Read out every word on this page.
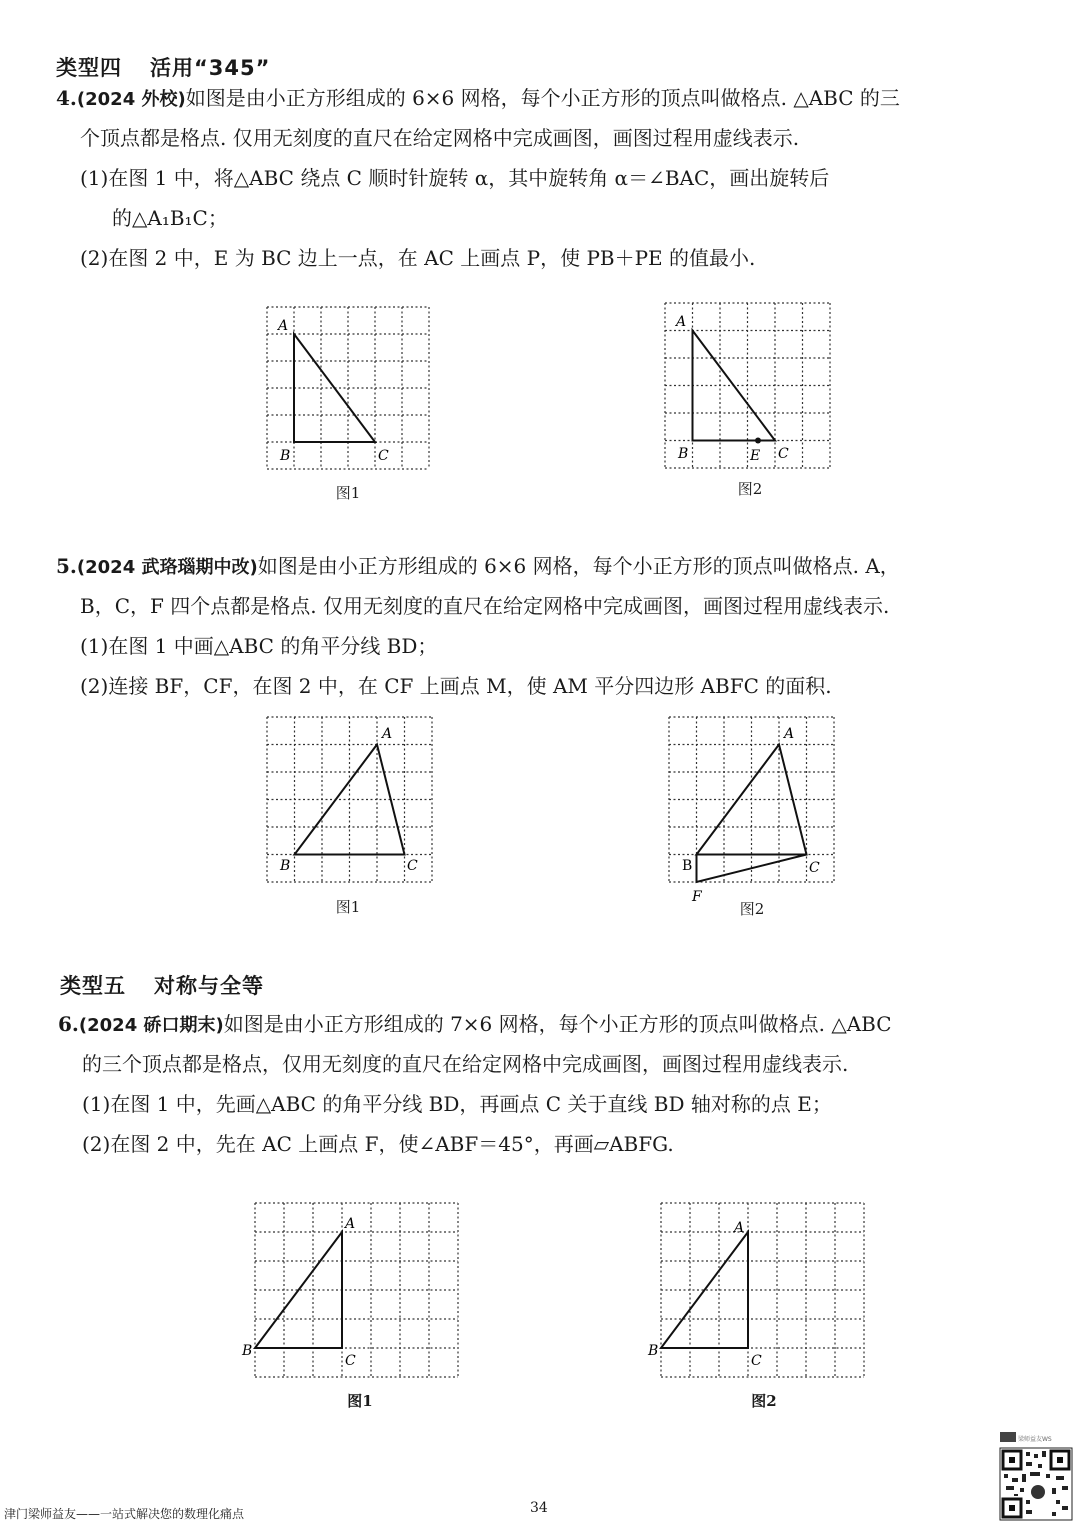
类型四 活用“345”
4.(2024 外校)如图是由小正方形组成的 6×6 网格，每个小正方形的顶点叫做格点. △ABC 的三
个顶点都是格点. 仅用无刻度的直尺在给定网格中完成画图，画图过程用虚线表示.
(1)在图 1 中，将△ABC 绕点 C 顺时针旋转 α，其中旋转角 α＝∠BAC，画出旋转后
的△A₁B₁C；
(2)在图 2 中，E 为 BC 边上一点，在 AC 上画点 P，使 PB＋PE 的值最小.
A
B	C
图1
A
B	E C
图2
5.(2024 武珞瑙期中改)如图是由小正方形组成的 6×6 网格，每个小正方形的顶点叫做格点. A，
B，C，F 四个点都是格点. 仅用无刻度的直尺在给定网格中完成画图，画图过程用虚线表示.
(1)在图 1 中画△ABC 的角平分线 BD；
(2)连接 BF，CF，在图 2 中，在 CF 上画点 M，使 AM 平分四边形 ABFC 的面积.
A
B	C
图1
A
B	C
F
图2
类型五 对称与全等
6.(2024 硚口期末)如图是由小正方形组成的 7×6 网格，每个小正方形的顶点叫做格点. △ABC
的三个顶点都是格点，仅用无刻度的直尺在给定网格中完成画图，画图过程用虚线表示.
(1)在图 1 中，先画△ABC 的角平分线 BD，再画点 C 关于直线 BD 轴对称的点 E；
(2)在图 2 中，先在 AC 上画点 F，使∠ABF＝45°，再画▱ABFG.
A
B
C
图1
A
B
C
图2
梁师益友WS
34
津门梁师益友——一站式解决您的数理化痛点
